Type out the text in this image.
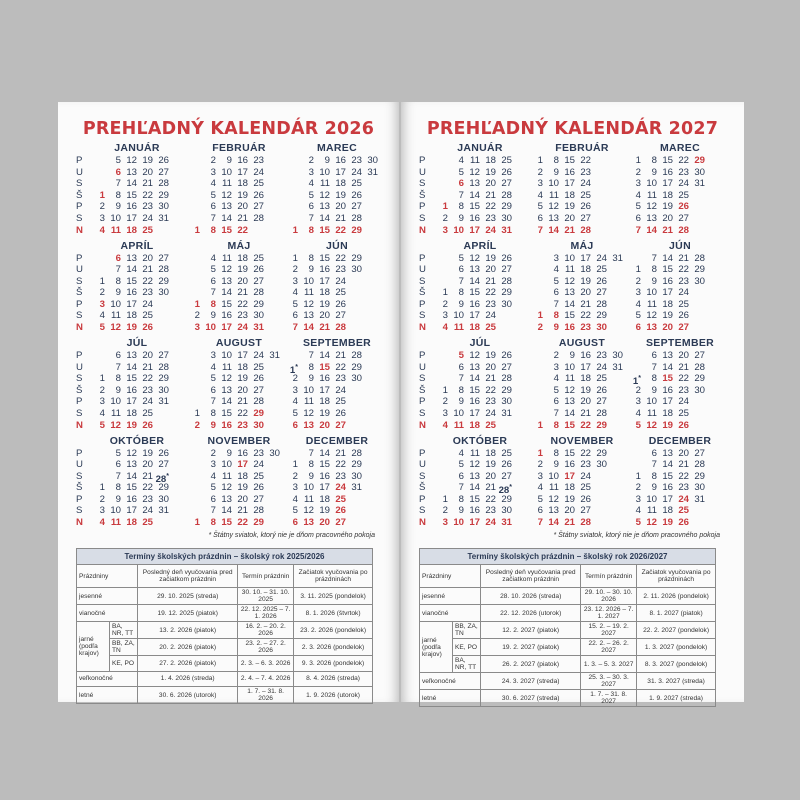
PREHĽADNÝ KALENDÁR 2026
JANUÁR
P	5 12 19 26
U	6 13 20 27
S	7 14 21 28
Š	1	8 15 22 29
P	2	9 16 23 30
S	3 10 17 24 31
N	4 11 18 25
FEBRUÁR
2	9 16 23
3 10 17 24
4 11 18 25
5 12 19 26
6 13 20 27
7 14 21 28
1	8 15 22
MAREC
2	9 16 23 30
3 10 17 24 31
4 11 18 25
5 12 19 26
6 13 20 27
7 14 21 28
1	8 15 22 29
APRÍL
P	6 13 20 27
U	7 14 21 28
S	1	8 15 22 29
Š	2	9 16 23 30
P	3 10 17 24
S	4 11 18 25
N	5 12 19 26
MÁJ
4 11 18 25
5 12 19 26
6 13 20 27
7 14 21 28
1	8 15 22 29
2	9 16 23 30
3 10 17 24 31
JÚN
1	8 15 22 29
2	9 16 23 30
3 10 17 24
4 11 18 25
5 12 19 26
6 13 20 27
7 14 21 28
JÚL
P	6 13 20 27
U	7 14 21 28
S	1	8 15 22 29
Š	2	9 16 23 30
P	3 10 17 24 31
S	4 11 18 25
N	5 12 19 26
AUGUST
3 10 17 24 31
4 11 18 25
5 12 19 26
6 13 20 27
7 14 21 28
1	8 15 22 29
2	9 16 23 30
SEPTEMBER
7 14 21 28
1*	8 15 22 29
2	9 16 23 30
3 10 17 24
4 11 18 25
5 12 19 26
6 13 20 27
OKTÓBER
P	5 12 19 26
U	6 13 20 27
S	7 14 21 28*
Š	1	8 15 22 29
P	2	9 16 23 30
S	3 10 17 24 31
N	4 11 18 25
NOVEMBER
2	9 16 23 30
3 10 17 24
4 11 18 25
5 12 19 26
6 13 20 27
7 14 21 28
1	8 15 22 29
DECEMBER
7 14 21 28
1	8 15 22 29
2	9 16 23 30
3 10 17 24 31
4 11 18 25
5 12 19 26
6 13 20 27
* Štátny sviatok, ktorý nie je dňom pracovného pokoja
Termíny školských prázdnin – školský rok 2025/2026				
Prázdniny		Posledný deň vyučovania pred začiatkom prázdnin	Termín prázdnin	Začiatok vyučovania po prázdninách
jesenné		29. 10. 2025 (streda)	30. 10. – 31. 10. 2025	3. 11. 2025 (pondelok)
vianočné		19. 12. 2025 (piatok)	22. 12. 2025 – 7. 1. 2026	8. 1. 2026 (štvrtok)
jarné (podľa krajov)	BA, NR, TT	13. 2. 2026 (piatok)	16. 2. – 20. 2. 2026	23. 2. 2026 (pondelok)
	BB, ZA, TN	20. 2. 2026 (piatok)	23. 2. – 27. 2. 2026	2. 3. 2026 (pondelok)
	KE, PO	27. 2. 2026 (piatok)	2. 3. – 6. 3. 2026	9. 3. 2026 (pondelok)
veľkonočné		1. 4. 2026 (streda)	2. 4. – 7. 4. 2026	8. 4. 2026 (streda)
letné		30. 6. 2026 (utorok)	1. 7. – 31. 8. 2026	1. 9. 2026 (utorok)
PREHĽADNÝ KALENDÁR 2027
JANUÁR
P	4 11 18 25
U	5 12 19 26
S	6 13 20 27
Š	7 14 21 28
P	1	8 15 22 29
S	2	9 16 23 30
N	3 10 17 24 31
FEBRUÁR
1	8 15 22
2	9 16 23
3 10 17 24
4 11 18 25
5 12 19 26
6 13 20 27
7 14 21 28
MAREC
1	8 15 22 29
2	9 16 23 30
3 10 17 24 31
4 11 18 25
5 12 19 26
6 13 20 27
7 14 21 28
APRÍL
P	5 12 19 26
U	6 13 20 27
S	7 14 21 28
Š	1	8 15 22 29
P	2	9 16 23 30
S	3 10 17 24
N	4 11 18 25
MÁJ
3 10 17 24 31
4 11 18 25
5 12 19 26
6 13 20 27
7 14 21 28
1	8 15 22 29
2	9 16 23 30
JÚN
7 14 21 28
1	8 15 22 29
2	9 16 23 30
3 10 17 24
4 11 18 25
5 12 19 26
6 13 20 27
JÚL
P	5 12 19 26
U	6 13 20 27
S	7 14 21 28
Š	1	8 15 22 29
P	2	9 16 23 30
S	3 10 17 24 31
N	4 11 18 25
AUGUST
2	9 16 23 30
3 10 17 24 31
4 11 18 25
5 12 19 26
6 13 20 27
7 14 21 28
1	8 15 22 29
SEPTEMBER
6 13 20 27
7 14 21 28
1*	8 15 22 29
2	9 16 23 30
3 10 17 24
4 11 18 25
5 12 19 26
OKTÓBER
P	4 11 18 25
U	5 12 19 26
S	6 13 20 27
Š	7 14 21 28*
P	1	8 15 22 29
S	2	9 16 23 30
N	3 10 17 24 31
NOVEMBER
1	8 15 22 29
2	9 16 23 30
3 10 17 24
4 11 18 25
5 12 19 26
6 13 20 27
7 14 21 28
DECEMBER
6 13 20 27
7 14 21 28
1	8 15 22 29
2	9 16 23 30
3 10 17 24 31
4 11 18 25
5 12 19 26
* Štátny sviatok, ktorý nie je dňom pracovného pokoja
Termíny školských prázdnin – školský rok 2026/2027				
Prázdniny		Posledný deň vyučovania pred začiatkom prázdnin	Termín prázdnin	Začiatok vyučovania po prázdninách
jesenné		28. 10. 2026 (streda)	29. 10. – 30. 10. 2026	2. 11. 2026 (pondelok)
vianočné		22. 12. 2026 (utorok)	23. 12. 2026 – 7. 1. 2027	8. 1. 2027 (piatok)
jarné (podľa krajov)	BB, ZA, TN	12. 2. 2027 (piatok)	15. 2. – 19. 2. 2027	22. 2. 2027 (pondelok)
	KE, PO	19. 2. 2027 (piatok)	22. 2. – 26. 2. 2027	1. 3. 2027 (pondelok)
	BA, NR, TT	26. 2. 2027 (piatok)	1. 3. – 5. 3. 2027	8. 3. 2027 (pondelok)
veľkonočné		24. 3. 2027 (streda)	25. 3. – 30. 3. 2027	31. 3. 2027 (streda)
letné		30. 6. 2027 (streda)	1. 7. – 31. 8. 2027	1. 9. 2027 (streda)
